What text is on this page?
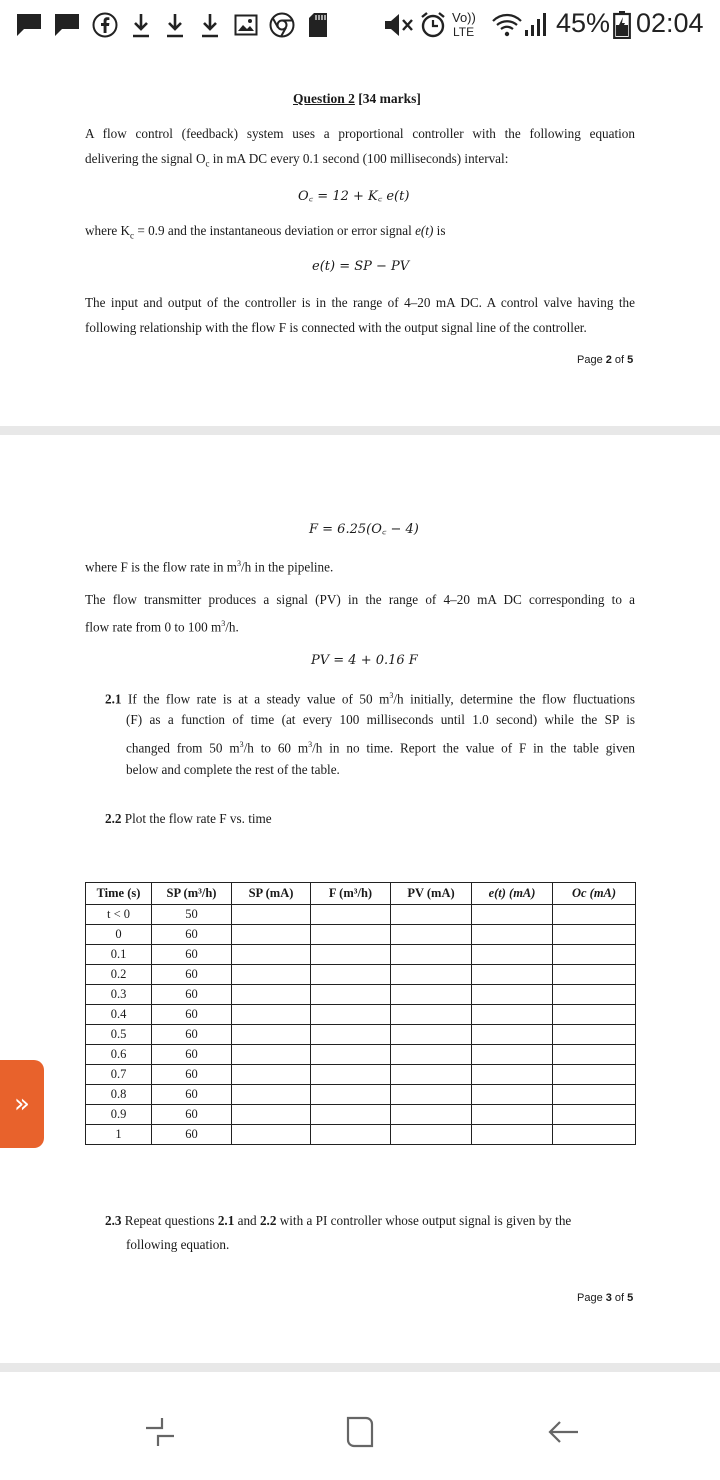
Vo))
LTE	45% 02:04
Question 2 [34 marks]
A flow control (feedback) system uses a proportional controller with the following equation
delivering the signal $O_c$ in mA DC every 0.1 second (100 milliseconds) interval:
O꜀ = 12 + K꜀ e(t)
where $K_c = 0.9$ and the instantaneous deviation or error signal e(t) is
e(t) = SP − PV
The input and output of the controller is in the range of 4–20 mA DC. A control valve having the
following relationship with the flow F is connected with the output signal line of the controller.
Page 2 of 5
F = 6.25(O꜀ − 4)
where F is the flow rate in $m^3/h$ in the pipeline.
The flow transmitter produces a signal (PV) in the range of 4–20 mA DC corresponding to a
flow rate from 0 to 100 $m^3/h$.
PV = 4 + 0.16 F
2.1 If the flow rate is at a steady value of 50 $m^3/h$ initially, determine the flow fluctuations
(F) as a function of time (at every 100 milliseconds until 1.0 second) while the SP is
changed from 50 $m^3/h$ to 60 $m^3/h$ in no time. Report the value of F in the table given
below and complete the rest of the table.
2.2 Plot the flow rate F vs. time
2.3 Repeat questions 2.1 and 2.2 with a PI controller whose output signal is given by the
following equation.
Page 3 of 5
Time (s)	SP (m³/h)	SP (mA)	F (m³/h)	PV (mA)	e(t) (mA)	Oc (mA)
t < 0	50					
0	60					
0.1	60					
0.2	60					
0.3	60					
0.4	60					
0.5	60					
0.6	60					
0.7	60					
0.8	60					
0.9	60					
1	60					
»
